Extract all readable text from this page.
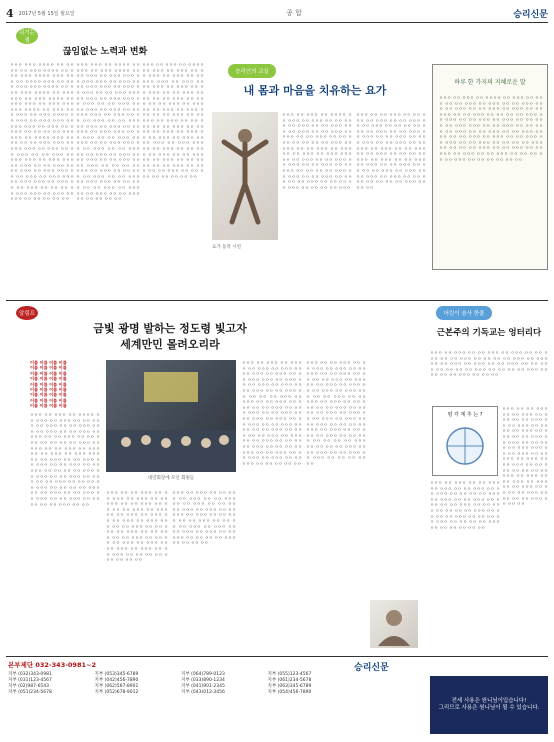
4 2017년 5월 15일 월요일	종 합	승리신문
쉬기는 샘
끊임없는 노력과 변화
ㅇㅇㅇ ㅇㅇㅇ ㅇㅇㅇㅇ ㅇㅇ ㅇㅇㅇㅇ ㅇㅇ ㅇㅇㅇ ㅇㅇㅇㅇ ㅇㅇ ㅇㅇㅇ ㅇㅇㅇ ㅇㅇㅇㅇ ㅇㅇㅇ ㅇㅇㅇ ㅇㅇ ㅇㅇㅇㅇ ㅇㅇㅇ ㅇㅇ ㅇㅇㅇ ㅇㅇㅇ ㅇㅇㅇ ㅇㅇㅇㅇ ㅇㅇ ㅇㅇㅇ ㅇㅇㅇ ㅇㅇㅇㅇ ㅇㅇ ㅇㅇㅇ ㅇㅇㅇ ㅇㅇ ㅇㅇㅇ ㅇㅇㅇㅇ ㅇㅇ ㅇㅇㅇ ㅇㅇㅇ ㅇㅇ ㅇㅇㅇ ㅇㅇㅇ ㅇㅇㅇ ㅇㅇㅇㅇ ㅇㅇ ㅇㅇㅇ ㅇㅇㅇ ㅇㅇㅇ ㅇㅇ ㅇㅇㅇ ㅇㅇㅇㅇ ㅇㅇ ㅇㅇㅇ ㅇㅇ ㅇㅇㅇ ㅇㅇㅇ ㅇㅇ ㅇㅇㅇ ㅇㅇㅇ ㅇㅇ ㅇㅇㅇ ㅇㅇ ㅇㅇㅇㅇ ㅇㅇ ㅇㅇ ㅇㅇ ㅇㅇ ㅇㅇㅇ ㅇㅇㅇ ㅇㅇ ㅇㅇㅇㅇ ㅇㅇㅇ ㅇㅇ ㅇㅇ ㅇㅇ ㅇㅇ ㅇㅇㅇ ㅇㅇㅇ ㅇㅇ ㅇㅇㅇ ㅇㅇㅇ ㅇㅇ ㅇㅇㅇ ㅇㅇ ㅇㅇ ㅇㅇㅇ ㅇㅇ ㅇㅇ ㅇㅇㅇ ㅇㅇ ㅇㅇㅇ ㅇㅇㅇ ㅇㅇ ㅇㅇㅇ ㅇㅇㅇ ㅇㅇ ㅇㅇㅇ ㅇㅇ ㅇㅇ ㅇㅇㅇ ㅇㅇ ㅇㅇ ㅇㅇㅇ ㅇㅇ ㅇㅇㅇ ㅇㅇㅇ ㅇㅇ ㅇㅇ ㅇㅇㅇ ㅇㅇ ㅇㅇㅇ ㅇㅇㅇ ㅇㅇ ㅇㅇㅇ ㅇㅇㅇ ㅇㅇ ㅇㅇㅇ ㅇㅇ ㅇㅇ ㅇㅇㅇ ㅇㅇ ㅇㅇ ㅇㅇ ㅇㅇ ㅇㅇㅇ ㅇㅇㅇ ㅇㅇ ㅇㅇㅇ ㅇㅇ ㅇㅇㅇ ㅇㅇ ㅇㅇ ㅇㅇ ㅇㅇ ㅇㅇ
ㅇㅇㅇ ㅇㅇㅇ ㅇㅇ ㅇㅇㅇㅇ ㅇㅇ ㅇㅇㅇ ㅇㅇ ㅇㅇㅇ ㅇㅇㅇㅇ ㅇㅇ ㅇㅇ ㅇㅇㅇ ㅇㅇ ㅇㅇㅇ ㅇㅇㅇ ㅇㅇ ㅇㅇㅇ ㅇㅇㅇ ㅇㅇ ㅇㅇㅇ ㅇㅇ ㅇㅇ ㅇㅇㅇ ㅇㅇㅇ ㅇㅇ ㅇㅇㅇ ㅇㅇ ㅇㅇㅇ ㅇㅇ ㅇㅇ ㅇㅇㅇ ㅇㅇㅇ ㅇㅇ ㅇㅇㅇ ㅇㅇ ㅇㅇㅇ ㅇㅇㅇ ㅇㅇ ㅇㅇㅇ ㅇㅇ ㅇㅇ ㅇㅇㅇ ㅇㅇ ㅇㅇ ㅇㅇㅇ ㅇㅇ ㅇㅇㅇ ㅇㅇ ㅇㅇ ㅇㅇㅇ ㅇㅇㅇ ㅇㅇ ㅇㅇㅇ ㅇㅇ ㅇㅇ ㅇㅇ ㅇㅇㅇ ㅇㅇ ㅇㅇ ㅇㅇㅇ ㅇㅇ ㅇㅇㅇ ㅇㅇ ㅇㅇㅇ ㅇㅇ ㅇㅇ ㅇㅇㅇ ㅇㅇ ㅇㅇㅇ ㅇㅇㅇ ㅇㅇ ㅇㅇ ㅇㅇㅇ ㅇㅇ ㅇㅇ ㅇㅇㅇ ㅇㅇ ㅇㅇㅇ ㅇㅇ ㅇㅇ ㅇㅇㅇ ㅇㅇㅇ ㅇㅇ ㅇㅇ ㅇㅇㅇ ㅇㅇ ㅇㅇ ㅇㅇㅇ ㅇㅇ ㅇㅇ ㅇㅇㅇ ㅇㅇ ㅇㅇㅇ ㅇㅇ ㅇㅇ ㅇㅇㅇ ㅇㅇ ㅇㅇ ㅇㅇㅇ ㅇㅇ ㅇㅇ ㅇㅇㅇ ㅇㅇ ㅇㅇ ㅇㅇ ㅇㅇ ㅇㅇㅇ ㅇㅇ ㅇㅇㅇ ㅇㅇ ㅇㅇ ㅇㅇㅇ ㅇㅇ ㅇㅇㅇ ㅇㅇ ㅇㅇ ㅇㅇㅇ ㅇㅇ ㅇㅇㅇ ㅇㅇㅇ ㅇㅇ ㅇㅇ ㅇㅇㅇ ㅇㅇ ㅇㅇ ㅇㅇㅇ ㅇㅇ ㅇㅇㅇ ㅇㅇ ㅇㅇ ㅇㅇㅇ ㅇㅇ ㅇㅇ ㅇㅇㅇ ㅇㅇ ㅇㅇ ㅇㅇ ㅇㅇ ㅇㅇ
ㅇㅇㅇ ㅇㅇ ㅇㅇㅇ ㅇㅇ ㅇㅇㅇㅇ ㅇㅇ ㅇㅇㅇ ㅇㅇ ㅇㅇㅇ ㅇㅇ ㅇㅇ ㅇㅇㅇ ㅇㅇ ㅇㅇㅇ ㅇㅇ ㅇㅇ ㅇㅇㅇ ㅇㅇㅇ ㅇㅇ ㅇㅇㅇ ㅇㅇ ㅇㅇ ㅇㅇㅇ ㅇㅇ ㅇㅇㅇ ㅇㅇ ㅇㅇ ㅇㅇㅇ ㅇㅇ ㅇㅇ ㅇㅇㅇ ㅇㅇ ㅇㅇ ㅇㅇ ㅇㅇ ㅇㅇㅇ ㅇㅇ ㅇㅇㅇ ㅇㅇ ㅇㅇ ㅇㅇㅇ ㅇㅇ ㅇㅇㅇ ㅇㅇ ㅇㅇ ㅇㅇㅇ ㅇㅇ ㅇㅇㅇ ㅇㅇㅇ ㅇㅇ ㅇㅇ ㅇㅇㅇ ㅇㅇ ㅇㅇ ㅇㅇㅇ ㅇㅇ ㅇㅇㅇ ㅇㅇ ㅇㅇ ㅇㅇㅇ ㅇㅇ ㅇㅇ ㅇㅇㅇ ㅇㅇ ㅇㅇ ㅇㅇ ㅇㅇ ㅇㅇㅇ ㅇㅇ ㅇㅇㅇ ㅇㅇ ㅇㅇ ㅇㅇㅇ ㅇㅇ ㅇㅇㅇ ㅇㅇ ㅇㅇ ㅇㅇㅇ ㅇㅇ ㅇㅇㅇ ㅇㅇㅇ ㅇㅇ ㅇㅇ ㅇㅇㅇ ㅇㅇ ㅇㅇ ㅇㅇㅇ ㅇㅇ ㅇㅇㅇ ㅇㅇ ㅇㅇ ㅇㅇㅇ ㅇㅇ ㅇㅇ ㅇㅇㅇ ㅇㅇ ㅇㅇ ㅇㅇ ㅇㅇ ㅇㅇ ㅇㅇ ㅇㅇㅇ ㅇㅇ ㅇㅇㅇ ㅇㅇ ㅇㅇ ㅇㅇㅇ ㅇㅇ ㅇㅇ ㅇㅇㅇ ㅇㅇ ㅇㅇ ㅇㅇ ㅇㅇ ㅇㅇ
승리인의 교실
내 몸과 마음을 치유하는 요가
요가 동작 시연
ㅇㅇㅇ ㅇㅇ ㅇㅇㅇ ㅇㅇ ㅇㅇㅇㅇ ㅇㅇ ㅇㅇㅇ ㅇㅇ ㅇㅇㅇ ㅇㅇ ㅇㅇ ㅇㅇㅇ ㅇㅇ ㅇㅇㅇ ㅇㅇ ㅇㅇ ㅇㅇㅇ ㅇㅇㅇ ㅇㅇ ㅇㅇㅇ ㅇㅇ ㅇㅇ ㅇㅇㅇ ㅇㅇ ㅇㅇㅇ ㅇㅇ ㅇㅇ ㅇㅇㅇ ㅇㅇ ㅇㅇ ㅇㅇㅇ ㅇㅇ ㅇㅇ ㅇㅇ ㅇㅇ ㅇㅇㅇ ㅇㅇ ㅇㅇㅇ ㅇㅇ ㅇㅇ ㅇㅇㅇ ㅇㅇ ㅇㅇㅇ ㅇㅇ ㅇㅇ ㅇㅇㅇ ㅇㅇ ㅇㅇㅇ ㅇㅇㅇ ㅇㅇ ㅇㅇ ㅇㅇㅇ ㅇㅇ ㅇㅇ ㅇㅇㅇ ㅇㅇ ㅇㅇㅇ ㅇㅇ ㅇㅇ ㅇㅇㅇ ㅇㅇ ㅇㅇ ㅇㅇㅇ ㅇㅇ ㅇㅇ ㅇㅇ ㅇㅇ ㅇㅇㅇ ㅇㅇ ㅇㅇㅇ ㅇㅇ ㅇㅇ ㅇㅇㅇ ㅇㅇ ㅇㅇㅇ ㅇㅇ ㅇㅇ ㅇㅇㅇ ㅇㅇ ㅇㅇ ㅇㅇ ㅇㅇ ㅇㅇㅇ ㅇㅇ ㅇㅇ ㅇㅇ ㅇㅇ ㅇㅇㅇ
ㅇㅇㅇ ㅇㅇ ㅇㅇ ㅇㅇㅇ ㅇㅇ ㅇㅇ ㅇㅇㅇ ㅇㅇ ㅇㅇㅇ ㅇㅇ ㅇㅇ ㅇㅇㅇ ㅇㅇ ㅇㅇ ㅇㅇㅇ ㅇㅇ ㅇㅇ ㅇㅇ ㅇㅇ ㅇㅇㅇ ㅇㅇ ㅇㅇㅇ ㅇㅇ ㅇㅇ ㅇㅇㅇ ㅇㅇ ㅇㅇㅇ ㅇㅇ ㅇㅇ ㅇㅇㅇ ㅇㅇ ㅇㅇㅇ ㅇㅇㅇ ㅇㅇ ㅇㅇ ㅇㅇㅇ ㅇㅇ ㅇㅇ ㅇㅇㅇ ㅇㅇ ㅇㅇㅇ ㅇㅇ ㅇㅇ ㅇㅇㅇ ㅇㅇ ㅇㅇ ㅇㅇㅇ ㅇㅇ ㅇㅇ ㅇㅇ ㅇㅇ ㅇㅇㅇ ㅇㅇ ㅇㅇㅇ ㅇㅇ ㅇㅇ ㅇㅇㅇ ㅇㅇ ㅇㅇㅇ ㅇㅇ ㅇㅇ ㅇㅇㅇ ㅇㅇ ㅇㅇ ㅇㅇ ㅇㅇ ㅇㅇㅇ ㅇㅇ ㅇㅇㅇ ㅇㅇ ㅇㅇ ㅇㅇㅇ ㅇㅇ ㅇㅇㅇ ㅇㅇ ㅇㅇ ㅇㅇㅇ ㅇㅇ ㅇㅇ ㅇㅇ ㅇㅇ ㅇㅇㅇ ㅇㅇ ㅇㅇ ㅇㅇ
하루 한 가지의 지혜로운 말
ㅇㅇㅇ ㅇㅇ ㅇㅇㅇ ㅇㅇ ㅇㅇㅇㅇ ㅇㅇ ㅇㅇㅇ ㅇㅇ ㅇㅇㅇ ㅇㅇ ㅇㅇ ㅇㅇㅇ ㅇㅇ ㅇㅇㅇ ㅇㅇ ㅇㅇ ㅇㅇㅇ ㅇㅇㅇ ㅇㅇ ㅇㅇㅇ ㅇㅇ ㅇㅇ ㅇㅇㅇ ㅇㅇ ㅇㅇㅇ ㅇㅇ ㅇㅇ ㅇㅇㅇ ㅇㅇ ㅇㅇ ㅇㅇㅇ ㅇㅇ ㅇㅇ ㅇㅇ ㅇㅇ ㅇㅇㅇ ㅇㅇ ㅇㅇㅇ ㅇㅇ ㅇㅇ ㅇㅇㅇ ㅇㅇ ㅇㅇㅇ ㅇㅇ ㅇㅇ ㅇㅇㅇ ㅇㅇ ㅇㅇㅇ ㅇㅇㅇ ㅇㅇ ㅇㅇ ㅇㅇㅇ ㅇㅇ ㅇㅇ ㅇㅇㅇ ㅇㅇ ㅇㅇㅇ ㅇㅇ ㅇㅇ ㅇㅇㅇ ㅇㅇ ㅇㅇ ㅇㅇㅇ ㅇㅇ ㅇㅇ ㅇㅇ ㅇㅇ ㅇㅇㅇ ㅇㅇ ㅇㅇㅇ ㅇㅇ ㅇㅇ ㅇㅇㅇ ㅇㅇ ㅇㅇㅇ ㅇㅇ ㅇㅇ ㅇㅇㅇ ㅇㅇ ㅇㅇ ㅇㅇ ㅇㅇ ㅇㅇㅇ ㅇㅇ ㅇㅇ ㅇㅇ ㅇㅇ ㅇㅇㅇ ㅇㅇ ㅇㅇ ㅇㅇㅇ ㅇㅇ ㅇㅇ ㅇㅇㅇ ㅇㅇ ㅇㅇㅇ ㅇㅇ ㅇㅇ ㅇㅇㅇ ㅇㅇ ㅇㅇ ㅇㅇ ㅇㅇ ㅇㅇ ㅇㅇㅇ ㅇㅇ ㅇㅇ ㅇㅇ ㅇㅇ ㅇㅇ ㅇㅇ
알림프
금빛 광명 발하는 정도령 빛고자
세계만민 몰려오리라
이름 이름 이름 이름
이름 이름 이름 이름
이름 이름 이름 이름
이름 이름 이름 이름
이름 이름 이름 이름
이름 이름 이름 이름
이름 이름 이름 이름
이름 이름 이름 이름
이름 이름 이름 이름
ㅇㅇㅇ ㅇㅇ ㅇㅇㅇ ㅇㅇ ㅇㅇㅇㅇ ㅇㅇ ㅇㅇㅇ ㅇㅇ ㅇㅇㅇ ㅇㅇ ㅇㅇ ㅇㅇㅇ ㅇㅇ ㅇㅇㅇ ㅇㅇ ㅇㅇ ㅇㅇㅇ ㅇㅇㅇ ㅇㅇ ㅇㅇㅇ ㅇㅇ ㅇㅇ ㅇㅇㅇ ㅇㅇ ㅇㅇㅇ ㅇㅇ ㅇㅇ ㅇㅇㅇ ㅇㅇ ㅇㅇ ㅇㅇㅇ ㅇㅇ ㅇㅇ ㅇㅇ ㅇㅇ ㅇㅇㅇ ㅇㅇ ㅇㅇㅇ ㅇㅇ ㅇㅇ ㅇㅇㅇ ㅇㅇ ㅇㅇㅇ ㅇㅇ ㅇㅇ ㅇㅇㅇ ㅇㅇ ㅇㅇㅇ ㅇㅇㅇ ㅇㅇ ㅇㅇ ㅇㅇㅇ ㅇㅇ ㅇㅇ ㅇㅇㅇ ㅇㅇ ㅇㅇㅇ ㅇㅇ ㅇㅇ ㅇㅇㅇ ㅇㅇ ㅇㅇ ㅇㅇㅇ ㅇㅇ ㅇㅇ ㅇㅇ ㅇㅇ ㅇㅇㅇ ㅇㅇ ㅇㅇㅇ ㅇㅇ ㅇㅇ ㅇㅇㅇ ㅇㅇ ㅇㅇㅇ ㅇㅇ ㅇㅇ ㅇㅇㅇ ㅇㅇ ㅇㅇ ㅇㅇ ㅇㅇ ㅇㅇㅇ ㅇㅇ ㅇㅇ ㅇㅇ ㅇㅇ ㅇㅇㅇ ㅇㅇ ㅇㅇ ㅇㅇㅇ ㅇㅇ ㅇㅇ ㅇㅇㅇ ㅇㅇ ㅇㅇㅇ ㅇㅇ ㅇㅇ ㅇㅇㅇ ㅇㅇ ㅇㅇ ㅇㅇ ㅇㅇ ㅇㅇ ㅇㅇㅇ ㅇㅇ ㅇㅇ
대연회장에 모인 회원들
ㅇㅇㅇ ㅇㅇ ㅇㅇ ㅇㅇㅇ ㅇㅇ ㅇㅇ ㅇㅇㅇ ㅇㅇ ㅇㅇㅇ ㅇㅇ ㅇㅇ ㅇㅇㅇ ㅇㅇ ㅇㅇ ㅇㅇㅇ ㅇㅇ ㅇㅇ ㅇㅇ ㅇㅇ ㅇㅇㅇ ㅇㅇ ㅇㅇㅇ ㅇㅇ ㅇㅇ ㅇㅇㅇ ㅇㅇ ㅇㅇㅇ ㅇㅇ ㅇㅇ ㅇㅇㅇ ㅇㅇ ㅇㅇㅇ ㅇㅇㅇ ㅇㅇ ㅇㅇ ㅇㅇㅇ ㅇㅇ ㅇㅇ ㅇㅇㅇ ㅇㅇ ㅇㅇㅇ ㅇㅇ ㅇㅇ ㅇㅇㅇ ㅇㅇ ㅇㅇ ㅇㅇㅇ ㅇㅇ ㅇㅇ ㅇㅇ ㅇㅇ ㅇㅇㅇ ㅇㅇ ㅇㅇㅇ ㅇㅇ ㅇㅇ ㅇㅇㅇ ㅇㅇ ㅇㅇㅇ ㅇㅇ ㅇㅇ ㅇㅇㅇ ㅇㅇ ㅇㅇ ㅇㅇ ㅇㅇ ㅇㅇㅇ ㅇㅇ ㅇㅇ ㅇㅇ
ㅇㅇㅇ ㅇㅇ ㅇㅇㅇ ㅇㅇ ㅇㅇ ㅇㅇㅇ ㅇㅇ ㅇㅇㅇ ㅇㅇ ㅇㅇ ㅇㅇㅇ ㅇㅇ ㅇㅇ ㅇㅇㅇ ㅇㅇ ㅇㅇ ㅇㅇ ㅇㅇ ㅇㅇㅇ ㅇㅇ ㅇㅇㅇ ㅇㅇ ㅇㅇ ㅇㅇㅇ ㅇㅇ ㅇㅇㅇ ㅇㅇ ㅇㅇ ㅇㅇㅇ ㅇㅇ ㅇㅇ ㅇㅇㅇ ㅇㅇ ㅇㅇ ㅇㅇ ㅇㅇ ㅇㅇㅇ ㅇㅇ ㅇㅇㅇ ㅇㅇ ㅇㅇ ㅇㅇㅇ ㅇㅇ ㅇㅇㅇ ㅇㅇ ㅇㅇ ㅇㅇㅇ ㅇㅇ ㅇㅇ ㅇㅇ ㅇㅇ ㅇㅇㅇ ㅇㅇ ㅇㅇ ㅇㅇ ㅇㅇ
ㅇㅇㅇ ㅇㅇ ㅇㅇㅇ ㅇㅇ ㅇㅇㅇㅇ ㅇㅇ ㅇㅇㅇ ㅇㅇ ㅇㅇㅇ ㅇㅇ ㅇㅇ ㅇㅇㅇ ㅇㅇ ㅇㅇㅇ ㅇㅇ ㅇㅇ ㅇㅇㅇ ㅇㅇㅇ ㅇㅇ ㅇㅇㅇ ㅇㅇ ㅇㅇ ㅇㅇㅇ ㅇㅇ ㅇㅇㅇ ㅇㅇ ㅇㅇ ㅇㅇㅇ ㅇㅇ ㅇㅇ ㅇㅇㅇ ㅇㅇ ㅇㅇ ㅇㅇ ㅇㅇ ㅇㅇㅇ ㅇㅇ ㅇㅇㅇ ㅇㅇ ㅇㅇ ㅇㅇㅇ ㅇㅇ ㅇㅇㅇ ㅇㅇ ㅇㅇ ㅇㅇㅇ ㅇㅇ ㅇㅇㅇ ㅇㅇㅇ ㅇㅇ ㅇㅇ ㅇㅇㅇ ㅇㅇ ㅇㅇ ㅇㅇㅇ ㅇㅇ ㅇㅇㅇ ㅇㅇ ㅇㅇ ㅇㅇㅇ ㅇㅇ ㅇㅇ ㅇㅇㅇ ㅇㅇ ㅇㅇ ㅇㅇ ㅇㅇ ㅇㅇㅇ ㅇㅇ ㅇㅇㅇ ㅇㅇ ㅇㅇ ㅇㅇㅇ ㅇㅇ ㅇㅇㅇ ㅇㅇ ㅇㅇ ㅇㅇㅇ ㅇㅇ ㅇㅇ ㅇㅇ ㅇㅇ ㅇㅇㅇ ㅇㅇ ㅇㅇ ㅇㅇ ㅇㅇ ㅇㅇㅇ ㅇㅇ ㅇㅇ ㅇㅇㅇ ㅇㅇ ㅇㅇ ㅇㅇㅇ ㅇㅇ ㅇㅇㅇ ㅇㅇ ㅇㅇ ㅇㅇㅇ ㅇㅇ ㅇㅇ ㅇㅇ ㅇㅇ ㅇㅇ
ㅇㅇㅇ ㅇㅇ ㅇㅇ ㅇㅇㅇ ㅇㅇ ㅇㅇ ㅇㅇㅇ ㅇㅇ ㅇㅇㅇ ㅇㅇ ㅇㅇ ㅇㅇㅇ ㅇㅇ ㅇㅇ ㅇㅇㅇ ㅇㅇ ㅇㅇ ㅇㅇ ㅇㅇ ㅇㅇㅇ ㅇㅇ ㅇㅇㅇ ㅇㅇ ㅇㅇ ㅇㅇㅇ ㅇㅇ ㅇㅇㅇ ㅇㅇ ㅇㅇ ㅇㅇㅇ ㅇㅇ ㅇㅇㅇ ㅇㅇㅇ ㅇㅇ ㅇㅇ ㅇㅇㅇ ㅇㅇ ㅇㅇ ㅇㅇㅇ ㅇㅇ ㅇㅇㅇ ㅇㅇ ㅇㅇ ㅇㅇㅇ ㅇㅇ ㅇㅇ ㅇㅇㅇ ㅇㅇ ㅇㅇ ㅇㅇ ㅇㅇ ㅇㅇㅇ ㅇㅇ ㅇㅇㅇ ㅇㅇ ㅇㅇ ㅇㅇㅇ ㅇㅇ ㅇㅇㅇ ㅇㅇ ㅇㅇ ㅇㅇㅇ ㅇㅇ ㅇㅇ ㅇㅇ ㅇㅇ ㅇㅇㅇ ㅇㅇ ㅇㅇㅇ ㅇㅇ ㅇㅇ ㅇㅇㅇ ㅇㅇ ㅇㅇㅇ ㅇㅇ ㅇㅇ ㅇㅇㅇ ㅇㅇ ㅇㅇ ㅇㅇ ㅇㅇ ㅇㅇㅇ ㅇㅇ ㅇㅇ ㅇㅇ ㅇㅇ ㅇㅇㅇ ㅇㅇ ㅇㅇ ㅇㅇㅇ ㅇㅇ ㅇㅇ ㅇㅇㅇ ㅇㅇ ㅇㅇㅇ ㅇㅇ ㅇㅇ ㅇㅇ ㅇㅇ ㅇㅇ
어린이 숨사 한줄
근본주의 기독교는 엉터리다
ㅇㅇㅇ ㅇㅇ ㅇㅇㅇ ㅇㅇ ㅇㅇ ㅇㅇㅇ ㅇㅇ ㅇㅇㅇ ㅇㅇ ㅇㅇ ㅇㅇㅇ ㅇㅇ ㅇㅇ ㅇㅇㅇ ㅇㅇ ㅇㅇ ㅇㅇ ㅇㅇ ㅇㅇㅇ ㅇㅇ ㅇㅇㅇ ㅇㅇ ㅇㅇ ㅇㅇㅇ ㅇㅇ ㅇㅇㅇ ㅇㅇ ㅇㅇ ㅇㅇㅇ ㅇㅇ ㅇㅇ ㅇㅇㅇ ㅇㅇ ㅇㅇ ㅇㅇ ㅇㅇ ㅇㅇㅇ ㅇㅇ ㅇㅇ ㅇㅇ ㅇㅇ ㅇㅇㅇ ㅇㅇ ㅇㅇ ㅇㅇ ㅇㅇ ㅇㅇㅇ ㅇㅇ ㅇㅇ ㅇㅇ
평 각 계 추 는 ?
ㅇㅇㅇ ㅇㅇ ㅇㅇ ㅇㅇㅇ ㅇㅇ ㅇㅇ ㅇㅇㅇ ㅇㅇ ㅇㅇㅇ ㅇㅇ ㅇㅇ ㅇㅇㅇ ㅇㅇ ㅇㅇ ㅇㅇㅇ ㅇㅇ ㅇㅇ ㅇㅇ ㅇㅇ ㅇㅇㅇ ㅇㅇ ㅇㅇㅇ ㅇㅇ ㅇㅇ ㅇㅇㅇ ㅇㅇ ㅇㅇㅇ ㅇㅇ ㅇㅇ ㅇㅇㅇ ㅇㅇ ㅇㅇㅇ ㅇㅇㅇ ㅇㅇ ㅇㅇ ㅇㅇㅇ ㅇㅇ ㅇㅇ ㅇㅇㅇ ㅇㅇ ㅇㅇㅇ ㅇㅇ ㅇㅇ ㅇㅇㅇ ㅇㅇ ㅇㅇ ㅇㅇㅇ ㅇㅇ ㅇㅇ ㅇㅇ ㅇㅇ ㅇㅇㅇ ㅇㅇ ㅇㅇㅇ ㅇㅇ ㅇㅇ ㅇㅇㅇ ㅇㅇ ㅇㅇㅇ ㅇㅇ ㅇㅇ ㅇㅇㅇ ㅇㅇ ㅇㅇ ㅇㅇ ㅇㅇ ㅇㅇㅇ ㅇㅇ ㅇㅇ ㅇㅇ ㅇㅇ ㅇㅇㅇ ㅇㅇ ㅇㅇ ㅇㅇ
ㅇㅇㅇ ㅇㅇ ㅇㅇㅇ ㅇㅇ ㅇㅇ ㅇㅇㅇ ㅇㅇ ㅇㅇㅇ ㅇㅇ ㅇㅇ ㅇㅇㅇ ㅇㅇ ㅇㅇ ㅇㅇㅇ ㅇㅇ ㅇㅇ ㅇㅇ ㅇㅇ ㅇㅇㅇ ㅇㅇ ㅇㅇㅇ ㅇㅇ ㅇㅇ ㅇㅇㅇ ㅇㅇ ㅇㅇㅇ ㅇㅇ ㅇㅇ ㅇㅇㅇ ㅇㅇ ㅇㅇ ㅇㅇㅇ ㅇㅇ ㅇㅇ ㅇㅇ ㅇㅇ ㅇㅇㅇ ㅇㅇ ㅇㅇ ㅇㅇ ㅇㅇ ㅇㅇㅇ ㅇㅇ ㅇㅇ ㅇㅇ ㅇㅇ ㅇㅇㅇ ㅇㅇ ㅇㅇ ㅇㅇ ㅇㅇ ㅇㅇㅇ ㅇㅇ ㅇㅇ ㅇㅇ ㅇㅇ ㅇㅇ ㅇㅇ
본부제단 032-343-0981~2
지부 (032)343-0981
지부 (031)123-4567
지부 (02)987-6543
지부 (051)234-5678
지부 (053)345-6789
지부 (042)456-7890
지부 (062)567-8901
지부 (052)678-9012
지부 (064)789-0123
지부 (033)890-1234
지부 (041)901-2345
지부 (043)012-3456
지부 (055)123-4567
지부 (061)234-5678
지부 (063)345-6789
지부 (054)456-7890
승리신문
전세 사용은 원니님이입습니다!
그리므로 사용은 원니님이 될 수 있습니다.
